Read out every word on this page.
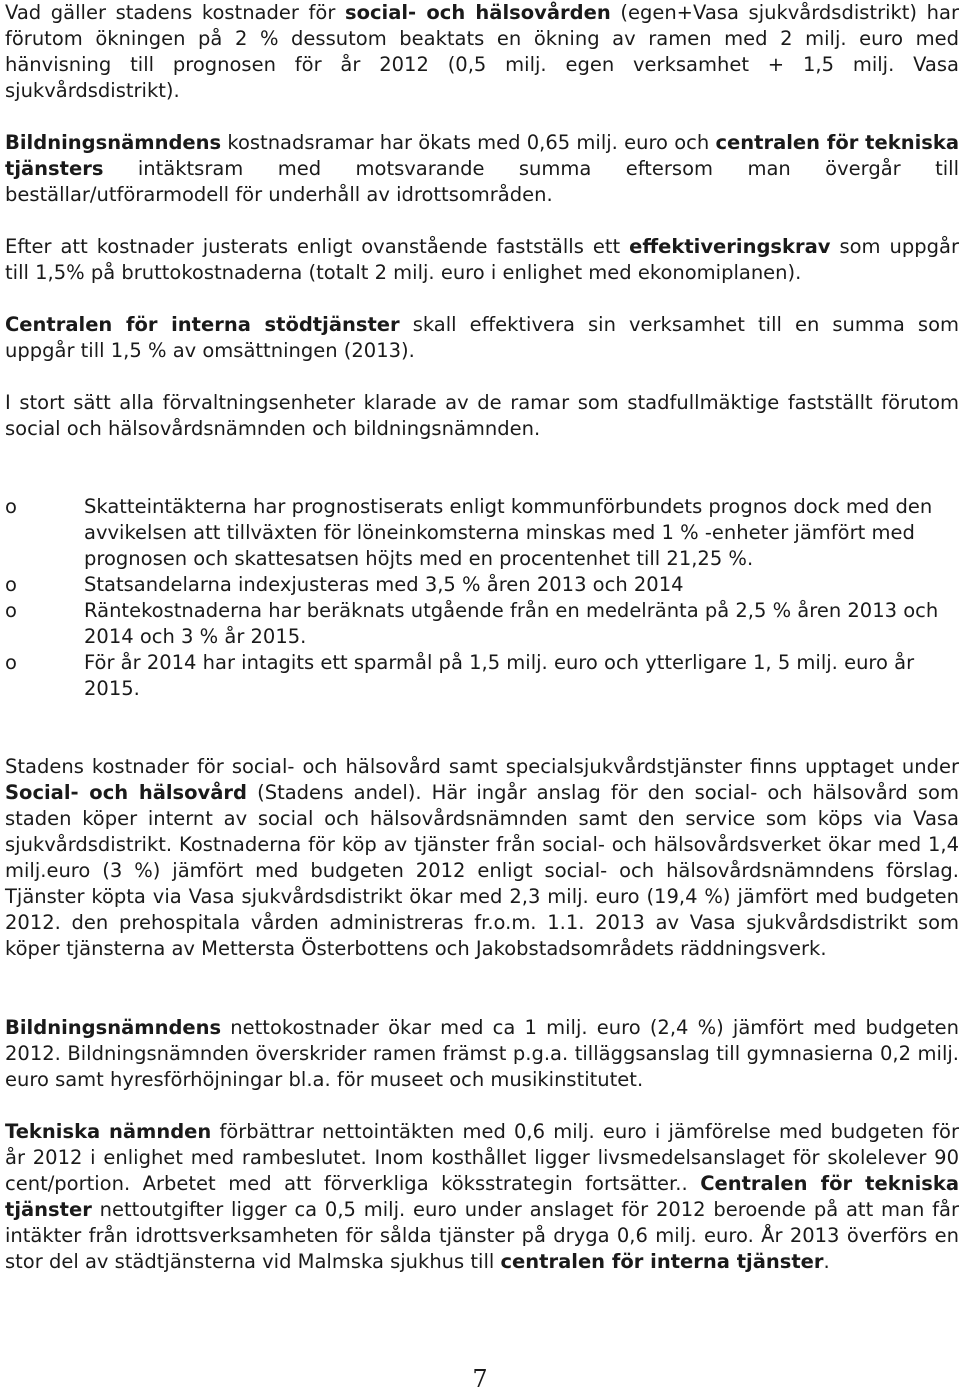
Vad gäller stadens kostnader för social- och hälsovården (egen+Vasa sjukvårdsdistrikt) har förutom ökningen på 2 % dessutom beaktats en ökning av ramen med 2 milj. euro med hänvisning till prognosen för år 2012 (0,5 milj. egen verksamhet + 1,5 milj. Vasa sjukvårdsdistrikt).

Bildningsnämndens kostnadsramar har ökats med 0,65 milj. euro och centralen för tekniska tjänsters intäktsram med motsvarande summa eftersom man övergår till beställar/utförarmodell för underhåll av idrottsområden.

Efter att kostnader justerats enligt ovanstående fastställs ett effektiveringskrav som uppgår till 1,5% på bruttokostnaderna (totalt 2 milj. euro i enlighet med ekonomiplanen).

Centralen för interna stödtjänster skall effektivera sin verksamhet till en summa som uppgår till 1,5 % av omsättningen (2013).

I stort sätt alla förvaltningsenheter klarade av de ramar som stadfullmäktige fastställt förutom social och hälsovårdsnämnden och bildningsnämnden.

o	Skatteintäkterna har prognostiserats enligt kommunförbundets prognos dock med den avvikelsen att tillväxten för löneinkomsterna minskas med 1 % -enheter jämfört med prognosen och skattesatsen höjts med en procentenhet till 21,25 %.
o	Statsandelarna indexjusteras med 3,5 % åren 2013 och 2014
o	Räntekostnaderna har beräknats utgående från en medelränta på 2,5 % åren 2013 och 2014 och 3 % år 2015.
o	För år 2014 har intagits ett sparmål på 1,5 milj. euro och ytterligare 1, 5 milj. euro år 2015.

Stadens kostnader för social- och hälsovård samt specialsjukvårdstjänster finns upptaget under Social- och hälsovård (Stadens andel). Här ingår anslag för den social- och hälsovård som staden köper internt av social och hälsovårdsnämnden samt den service som köps via Vasa sjukvårdsdistrikt. Kostnaderna för köp av tjänster från social- och hälsovårdsverket ökar med 1,4 milj.euro (3 %) jämfört med budgeten 2012 enligt social- och hälsovårdsnämndens förslag. Tjänster köpta via Vasa sjukvårdsdistrikt ökar med 2,3 milj. euro (19,4 %) jämfört med budgeten 2012. den prehospitala vården administreras fr.o.m. 1.1. 2013 av Vasa sjukvårdsdistrikt som köper tjänsterna av Mettersta Österbottens och Jakobstadsområdets räddningsverk.

Bildningsnämndens nettokostnader ökar med ca 1 milj. euro (2,4 %) jämfört med budgeten 2012. Bildningsnämnden överskrider ramen främst p.g.a. tilläggsanslag till gymnasierna 0,2 milj. euro samt hyresförhöjningar bl.a. för museet och musikinstitutet.

Tekniska nämnden förbättrar nettointäkten med 0,6 milj. euro i jämförelse med budgeten för år 2012 i enlighet med rambeslutet. Inom kosthållet ligger livsmedelsanslaget för skolelever 90 cent/portion. Arbetet med att förverkliga köksstrategin fortsätter.. Centralen för tekniska tjänster nettoutgifter ligger ca 0,5 milj. euro under anslaget för 2012 beroende på att man får intäkter från idrottsverksamheten för sålda tjänster på dryga 0,6 milj. euro. År 2013 överförs en stor del av städtjänsterna vid Malmska sjukhus till centralen för interna tjänster.

7
